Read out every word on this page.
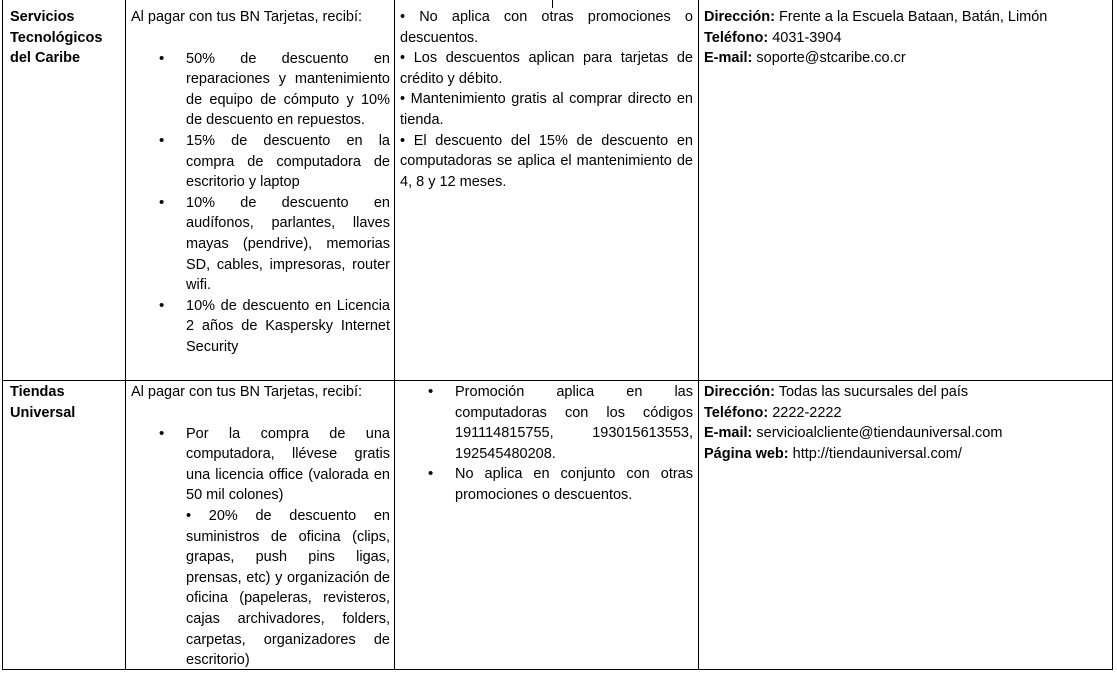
Servicios
Tecnológicos
del Caribe
Al pagar con tus BN Tarjetas, recibí:
• 50% de descuento en reparaciones y mantenimiento de equipo de cómputo y 10% de descuento en repuestos.
• 15% de descuento en la compra de computadora de escritorio y laptop
• 10% de descuento en audífonos, parlantes, llaves mayas (pendrive), memorias SD, cables, impresoras, router wifi.
• 10% de descuento en Licencia 2 años de Kaspersky Internet Security
• No aplica con otras promociones o descuentos.
• Los descuentos aplican para tarjetas de crédito y débito.
• Mantenimiento gratis al comprar directo en tienda.
• El descuento del 15% de descuento en computadoras se aplica el mantenimiento de 4, 8 y 12 meses.
Dirección: Frente a la Escuela Bataan, Batán, Limón
Teléfono: 4031-3904
E-mail: soporte@stcaribe.co.cr
Tiendas
Universal
Al pagar con tus BN Tarjetas, recibí:
• Por la compra de una computadora, llévese gratis una licencia office (valorada en 50 mil colones)
• 20% de descuento en suministros de oficina (clips, grapas, push pins ligas, prensas, etc) y organización de oficina (papeleras, revisteros, cajas archivadores, folders, carpetas, organizadores de escritorio)
• Promoción aplica en las computadoras con los códigos 191114815755, 193015613553, 192545480208.
• No aplica en conjunto con otras promociones o descuentos.
Dirección: Todas las sucursales del país
Teléfono: 2222-2222
E-mail: servicioalcliente@tiendauniversal.com
Página web: http://tiendauniversal.com/
